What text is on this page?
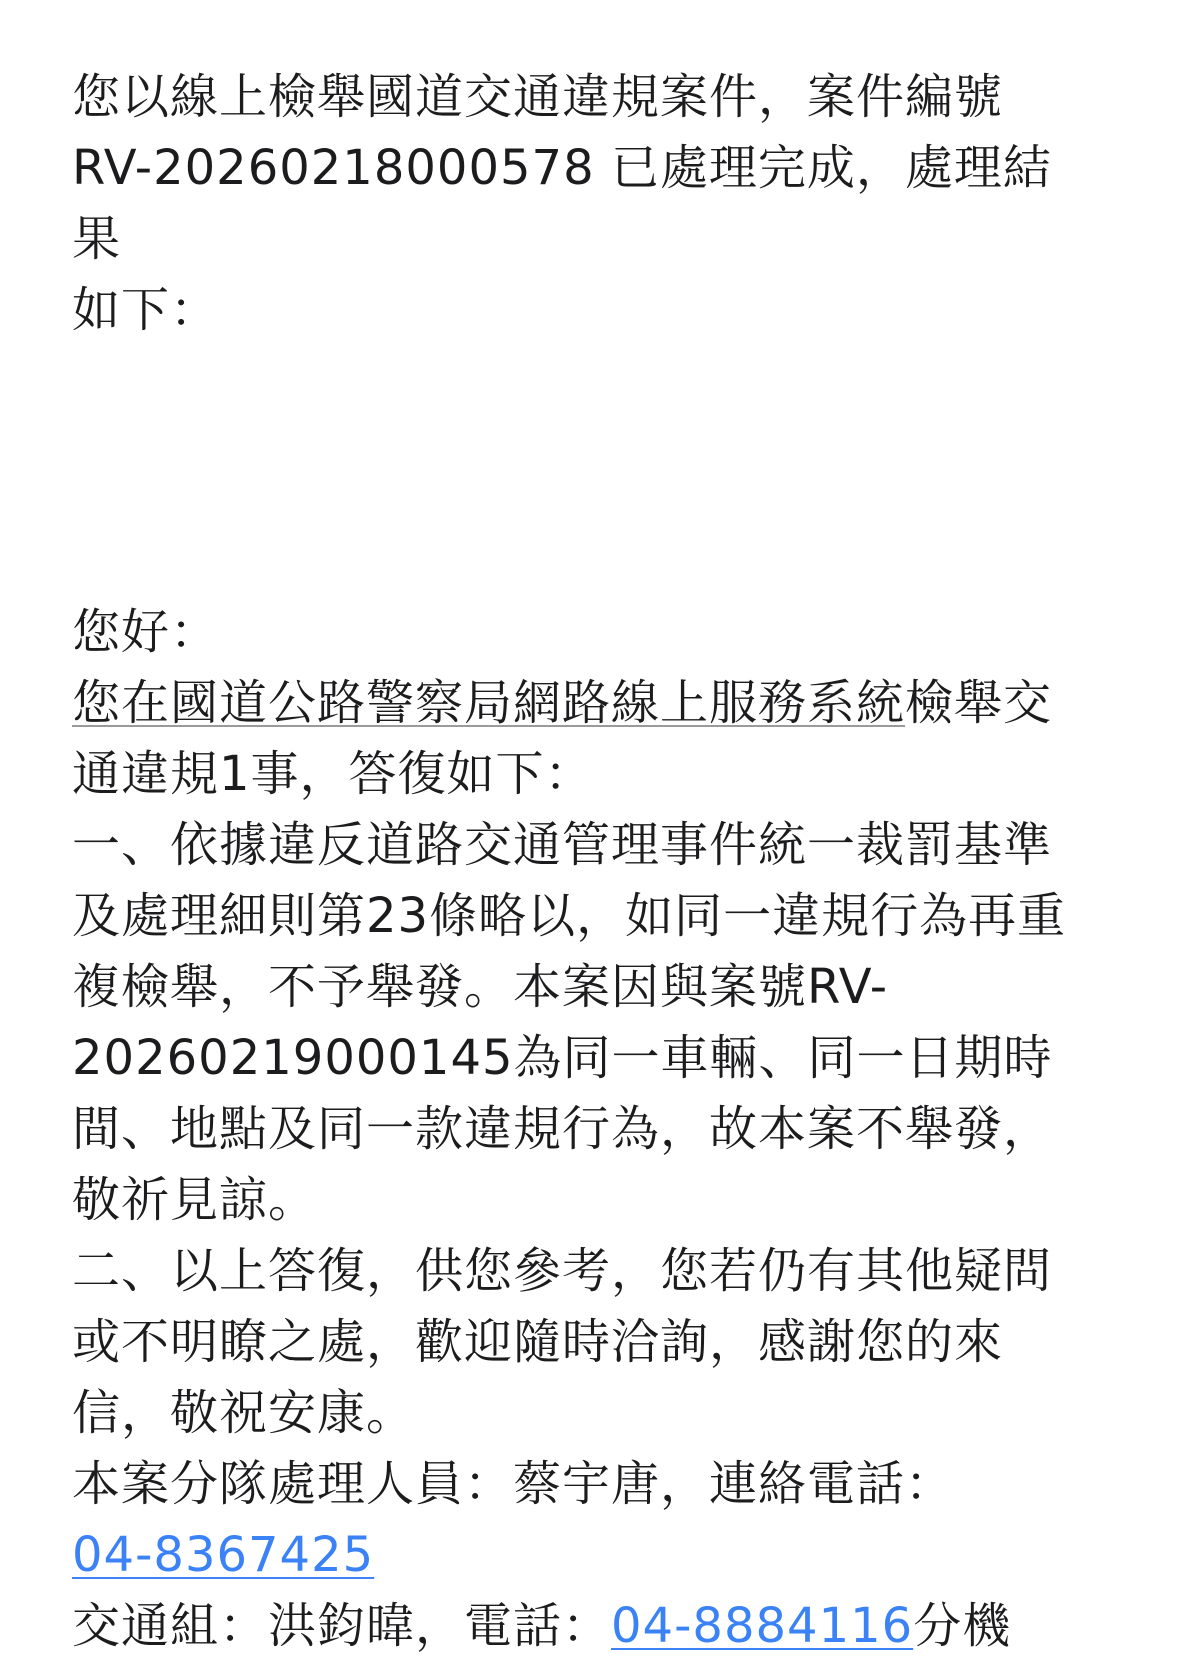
您以線上檢舉國道交通違規案件，案件編號
RV-20260218000578 已處理完成，處理結果
如下：

您好：

您在國道公路警察局網路線上服務系統檢舉交通違規1事，答復如下：

一、依據違反道路交通管理事件統一裁罰基準及處理細則第23條略以，如同一違規行為再重複檢舉，不予舉發。本案因與案號RV-20260219000145為同一車輛、同一日期時間、地點及同一款違規行為，故本案不舉發，敬祈見諒。

二、以上答復，供您參考，您若仍有其他疑問或不明瞭之處，歡迎隨時洽詢，感謝您的來信，敬祝安康。

本案分隊處理人員：蔡宇唐，連絡電話：
04-8367425

交通組：洪鈞暐，電話：04-8884116分機
